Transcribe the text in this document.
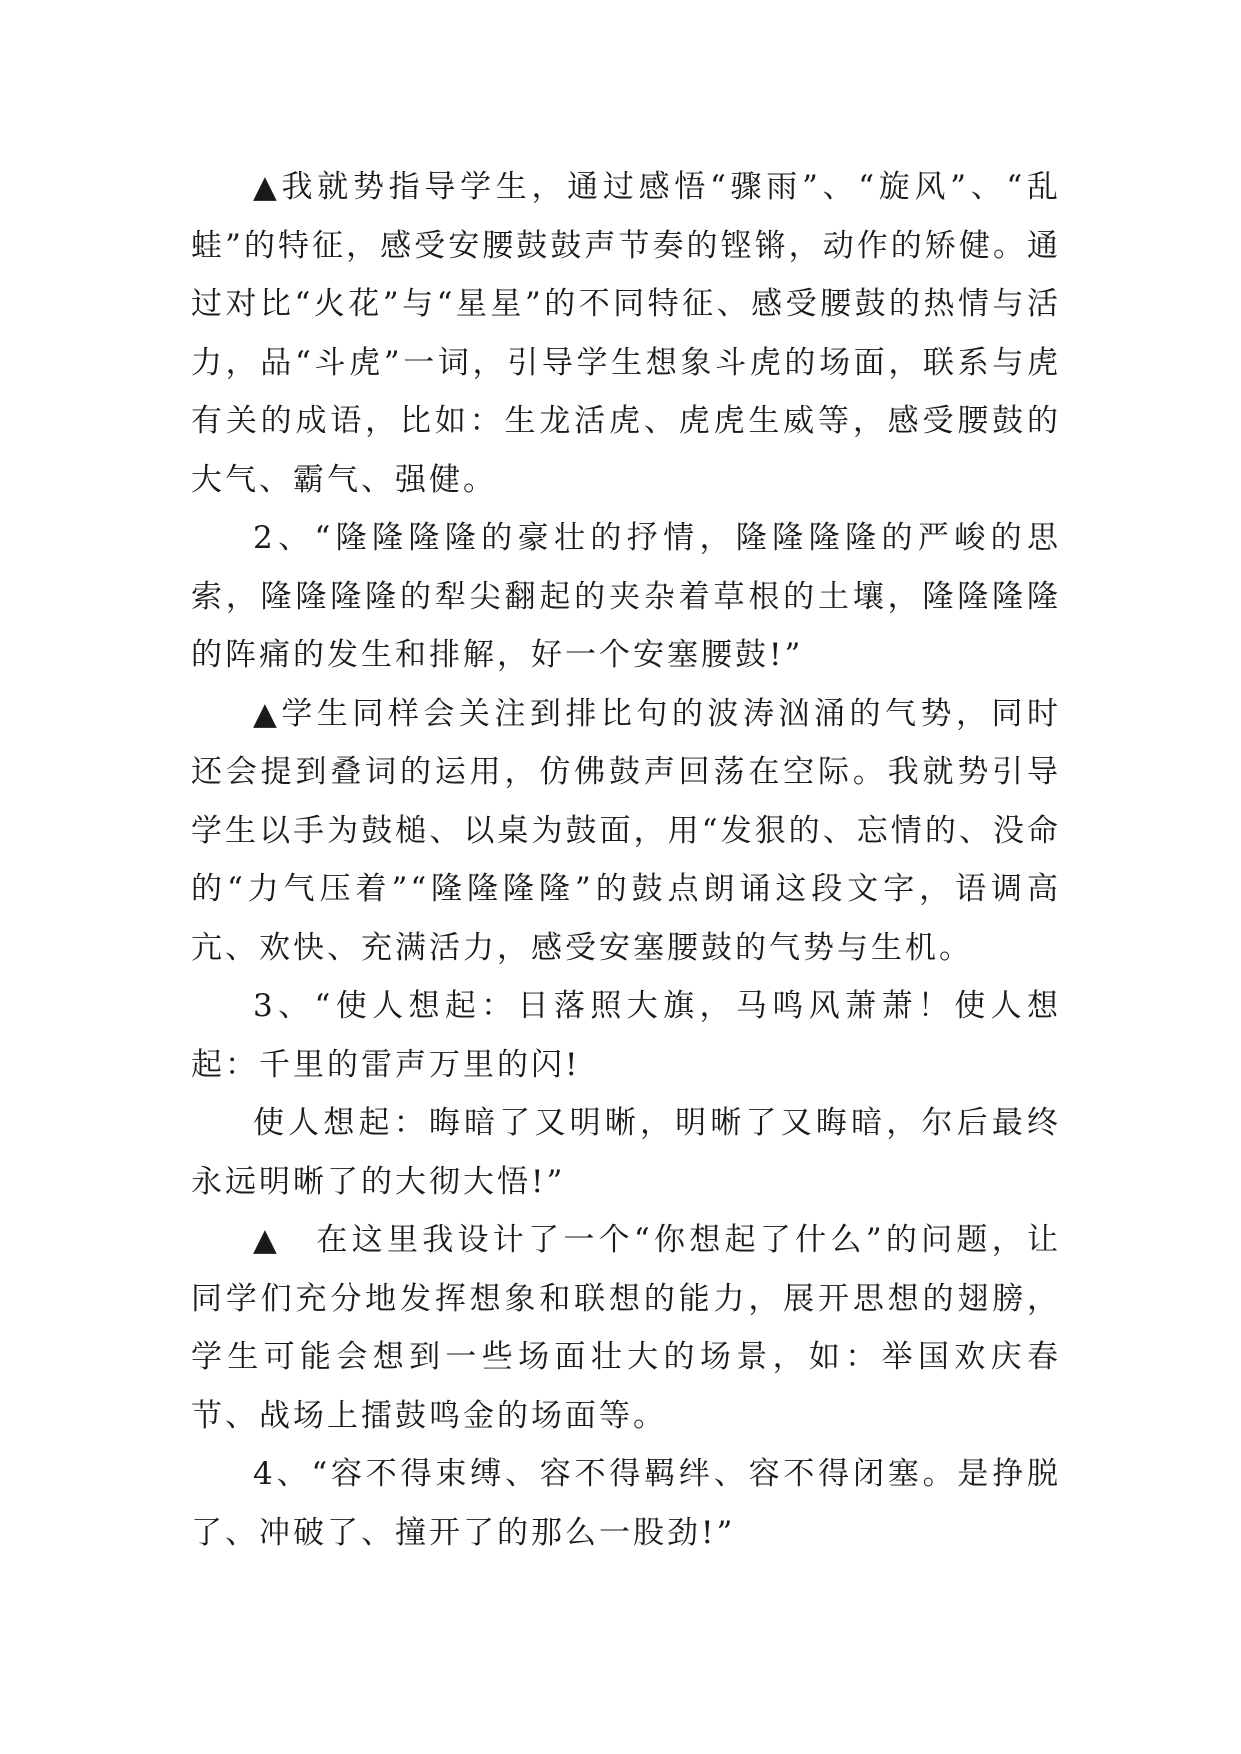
▲我就势指导学生，通过感悟“骤雨”、“旋风”、“乱蛙”的特征，感受安腰鼓鼓声节奏的铿锵，动作的矫健。通过对比“火花”与“星星”的不同特征、感受腰鼓的热情与活力，品“斗虎”一词，引导学生想象斗虎的场面，联系与虎有关的成语，比如：生龙活虎、虎虎生威等，感受腰鼓的大气、霸气、强健。

2、“隆隆隆隆的豪壮的抒情，隆隆隆隆的严峻的思索，隆隆隆隆的犁尖翻起的夹杂着草根的土壤，隆隆隆隆的阵痛的发生和排解，好一个安塞腰鼓!”

▲学生同样会关注到排比句的波涛汹涌的气势，同时还会提到叠词的运用，仿佛鼓声回荡在空际。我就势引导学生以手为鼓槌、以桌为鼓面，用“发狠的、忘情的、没命的“力气压着”“隆隆隆隆”的鼓点朗诵这段文字，语调高亢、欢快、充满活力，感受安塞腰鼓的气势与生机。

3、“使人想起：日落照大旗，马鸣风萧萧！使人想起：千里的雷声万里的闪!

使人想起：晦暗了又明晰，明晰了又晦暗，尔后最终永远明晰了的大彻大悟!”

▲　在这里我设计了一个“你想起了什么”的问题，让同学们充分地发挥想象和联想的能力，展开思想的翅膀，学生可能会想到一些场面壮大的场景，如：举国欢庆春节、战场上擂鼓鸣金的场面等。

4、“容不得束缚、容不得羁绊、容不得闭塞。是挣脱了、冲破了、撞开了的那么一股劲!”
